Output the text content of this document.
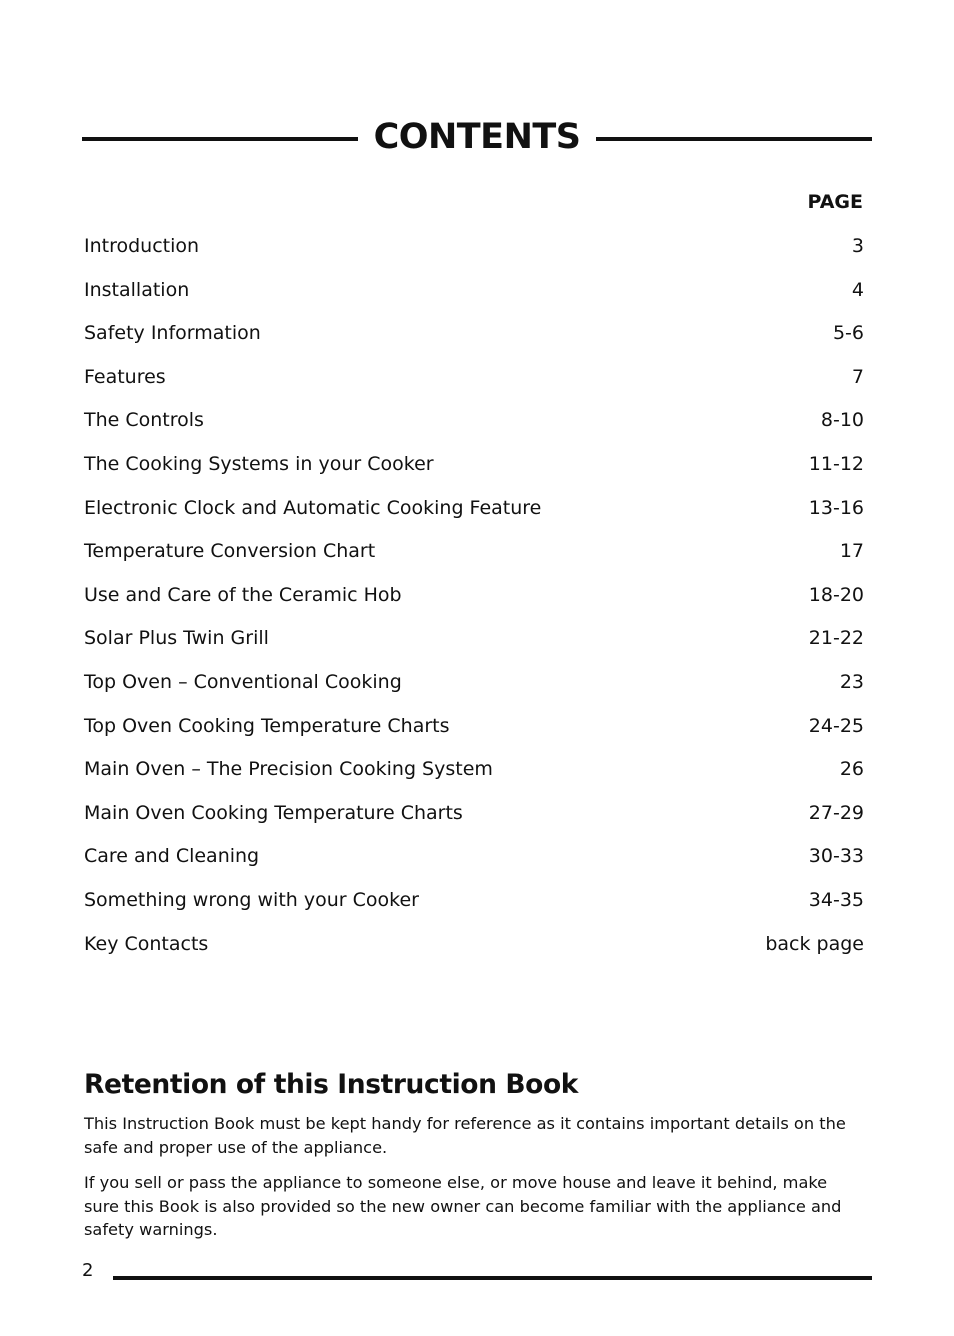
CONTENTS
PAGE
Introduction	3
Installation	4
Safety Information	5-6
Features	7
The Controls	8-10
The Cooking Systems in your Cooker	11-12
Electronic Clock and Automatic Cooking Feature	13-16
Temperature Conversion Chart	17
Use and Care of the Ceramic Hob	18-20
Solar Plus Twin Grill	21-22
Top Oven – Conventional Cooking	23
Top Oven Cooking Temperature Charts	24-25
Main Oven – The Precision Cooking System	26
Main Oven Cooking Temperature Charts	27-29
Care and Cleaning	30-33
Something wrong with your Cooker	34-35
Key Contacts	back page
Retention of this Instruction Book

This Instruction Book must be kept handy for reference as it contains important details on the safe and proper use of the appliance.

If you sell or pass the appliance to someone else, or move house and leave it behind, make sure this Book is also provided so the new owner can become familiar with the appliance and safety warnings.

2
